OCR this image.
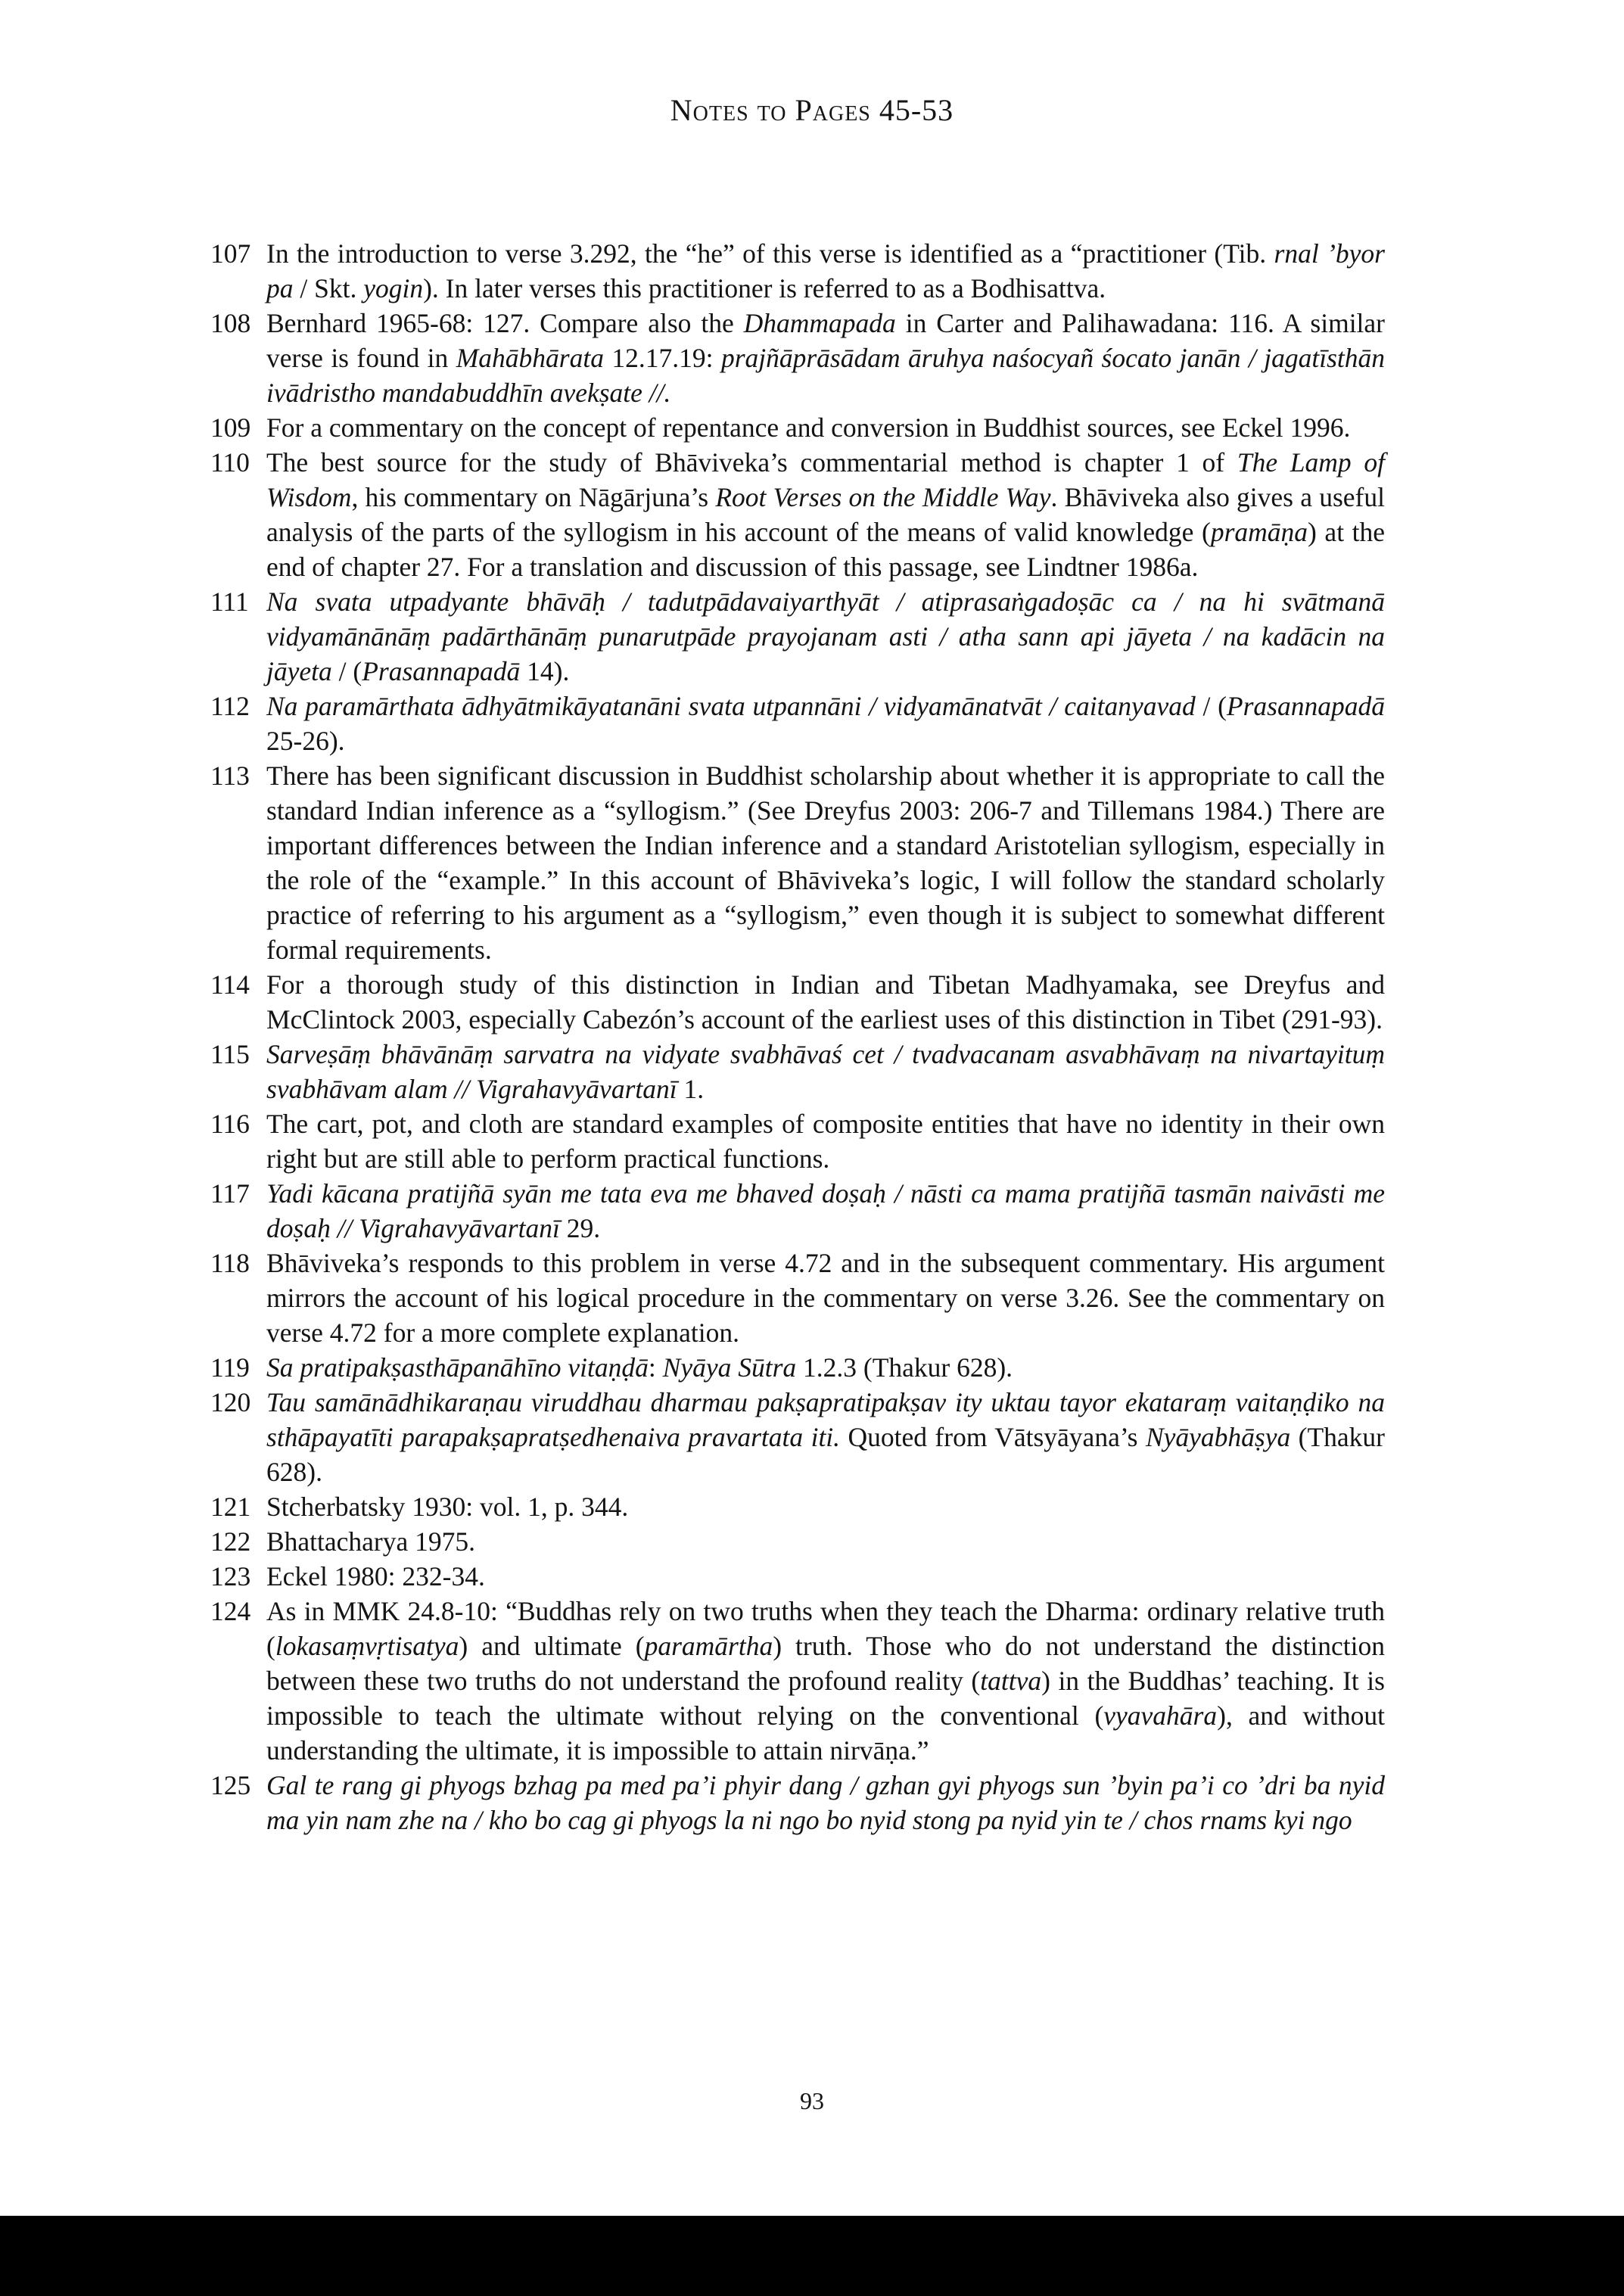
Notes to Pages 45-53
107 In the introduction to verse 3.292, the “he” of this verse is identified as a “practitioner (Tib. rnal ’byor pa / Skt. yogin). In later verses this practitioner is referred to as a Bodhisattva.
108 Bernhard 1965-68: 127. Compare also the Dhammapada in Carter and Palihawadana: 116. A similar verse is found in Mahābhārata 12.17.19: prajñāprāsādam āruhya naśocyañ śocato janān / jagatīsthān ivādristho mandabuddhīn avekṣate //.
109 For a commentary on the concept of repentance and conversion in Buddhist sources, see Eckel 1996.
110 The best source for the study of Bhāviveka’s commentarial method is chapter 1 of The Lamp of Wisdom, his commentary on Nāgārjuna’s Root Verses on the Middle Way. Bhāviveka also gives a useful analysis of the parts of the syllogism in his account of the means of valid knowledge (pramāṇa) at the end of chapter 27. For a translation and discussion of this passage, see Lindtner 1986a.
111 Na svata utpadyante bhāvāḥ / tadutpādavaiyarthyāt / atiprasaṅgadoṣāc ca / na hi svātmanā vidyamānānāṃ padārthānāṃ punarutpāde prayojanam asti / atha sann api jāyeta / na kadācin na jāyeta / (Prasannapadā 14).
112 Na paramārthata ādhyātmikāyatanāni svata utpannāni / vidyamānatvāt / caitanyavad / (Prasannapadā 25-26).
113 There has been significant discussion in Buddhist scholarship about whether it is appropriate to call the standard Indian inference as a “syllogism.” (See Dreyfus 2003: 206-7 and Tillemans 1984.) There are important differences between the Indian inference and a standard Aristotelian syllogism, especially in the role of the “example.” In this account of Bhāviveka’s logic, I will follow the standard scholarly practice of referring to his argument as a “syllogism,” even though it is subject to somewhat different formal requirements.
114 For a thorough study of this distinction in Indian and Tibetan Madhyamaka, see Dreyfus and McClintock 2003, especially Cabezón’s account of the earliest uses of this distinction in Tibet (291-93).
115 Sarveṣāṃ bhāvānāṃ sarvatra na vidyate svabhāvaś cet / tvadvacanam asvabhāvaṃ na nivartayituṃ svabhāvam alam // Vigrahavyāvartanī 1.
116 The cart, pot, and cloth are standard examples of composite entities that have no identity in their own right but are still able to perform practical functions.
117 Yadi kācana pratijñā syān me tata eva me bhaved doṣaḥ / nāsti ca mama pratijñā tasmān naivāsti me doṣaḥ // Vigrahavyāvartanī 29.
118 Bhāviveka’s responds to this problem in verse 4.72 and in the subsequent commentary. His argument mirrors the account of his logical procedure in the commentary on verse 3.26. See the commentary on verse 4.72 for a more complete explanation.
119 Sa pratipakṣasthāpanāhīno vitaṇḍā: Nyāya Sūtra 1.2.3 (Thakur 628).
120 Tau samānādhikaraṇau viruddhau dharmau pakṣapratipakṣav ity uktau tayor ekataraṃ vaitaṇḍiko na sthāpayatīti parapakṣapratṣedhenaiva pravartata iti. Quoted from Vātsyāyana’s Nyāyabhāṣya (Thakur 628).
121 Stcherbatsky 1930: vol. 1, p. 344.
122 Bhattacharya 1975.
123 Eckel 1980: 232-34.
124 As in MMK 24.8-10: “Buddhas rely on two truths when they teach the Dharma: ordinary relative truth (lokasaṃvṛtisatya) and ultimate (paramārtha) truth. Those who do not understand the distinction between these two truths do not understand the profound reality (tattva) in the Buddhas’ teaching. It is impossible to teach the ultimate without relying on the conventional (vyavahāra), and without understanding the ultimate, it is impossible to attain nirvāṇa.”
125 Gal te rang gi phyogs bzhag pa med pa’i phyir dang / gzhan gyi phyogs sun ’byin pa’i co ’dri ba nyid ma yin nam zhe na / kho bo cag gi phyogs la ni ngo bo nyid stong pa nyid yin te / chos rnams kyi ngo
93
